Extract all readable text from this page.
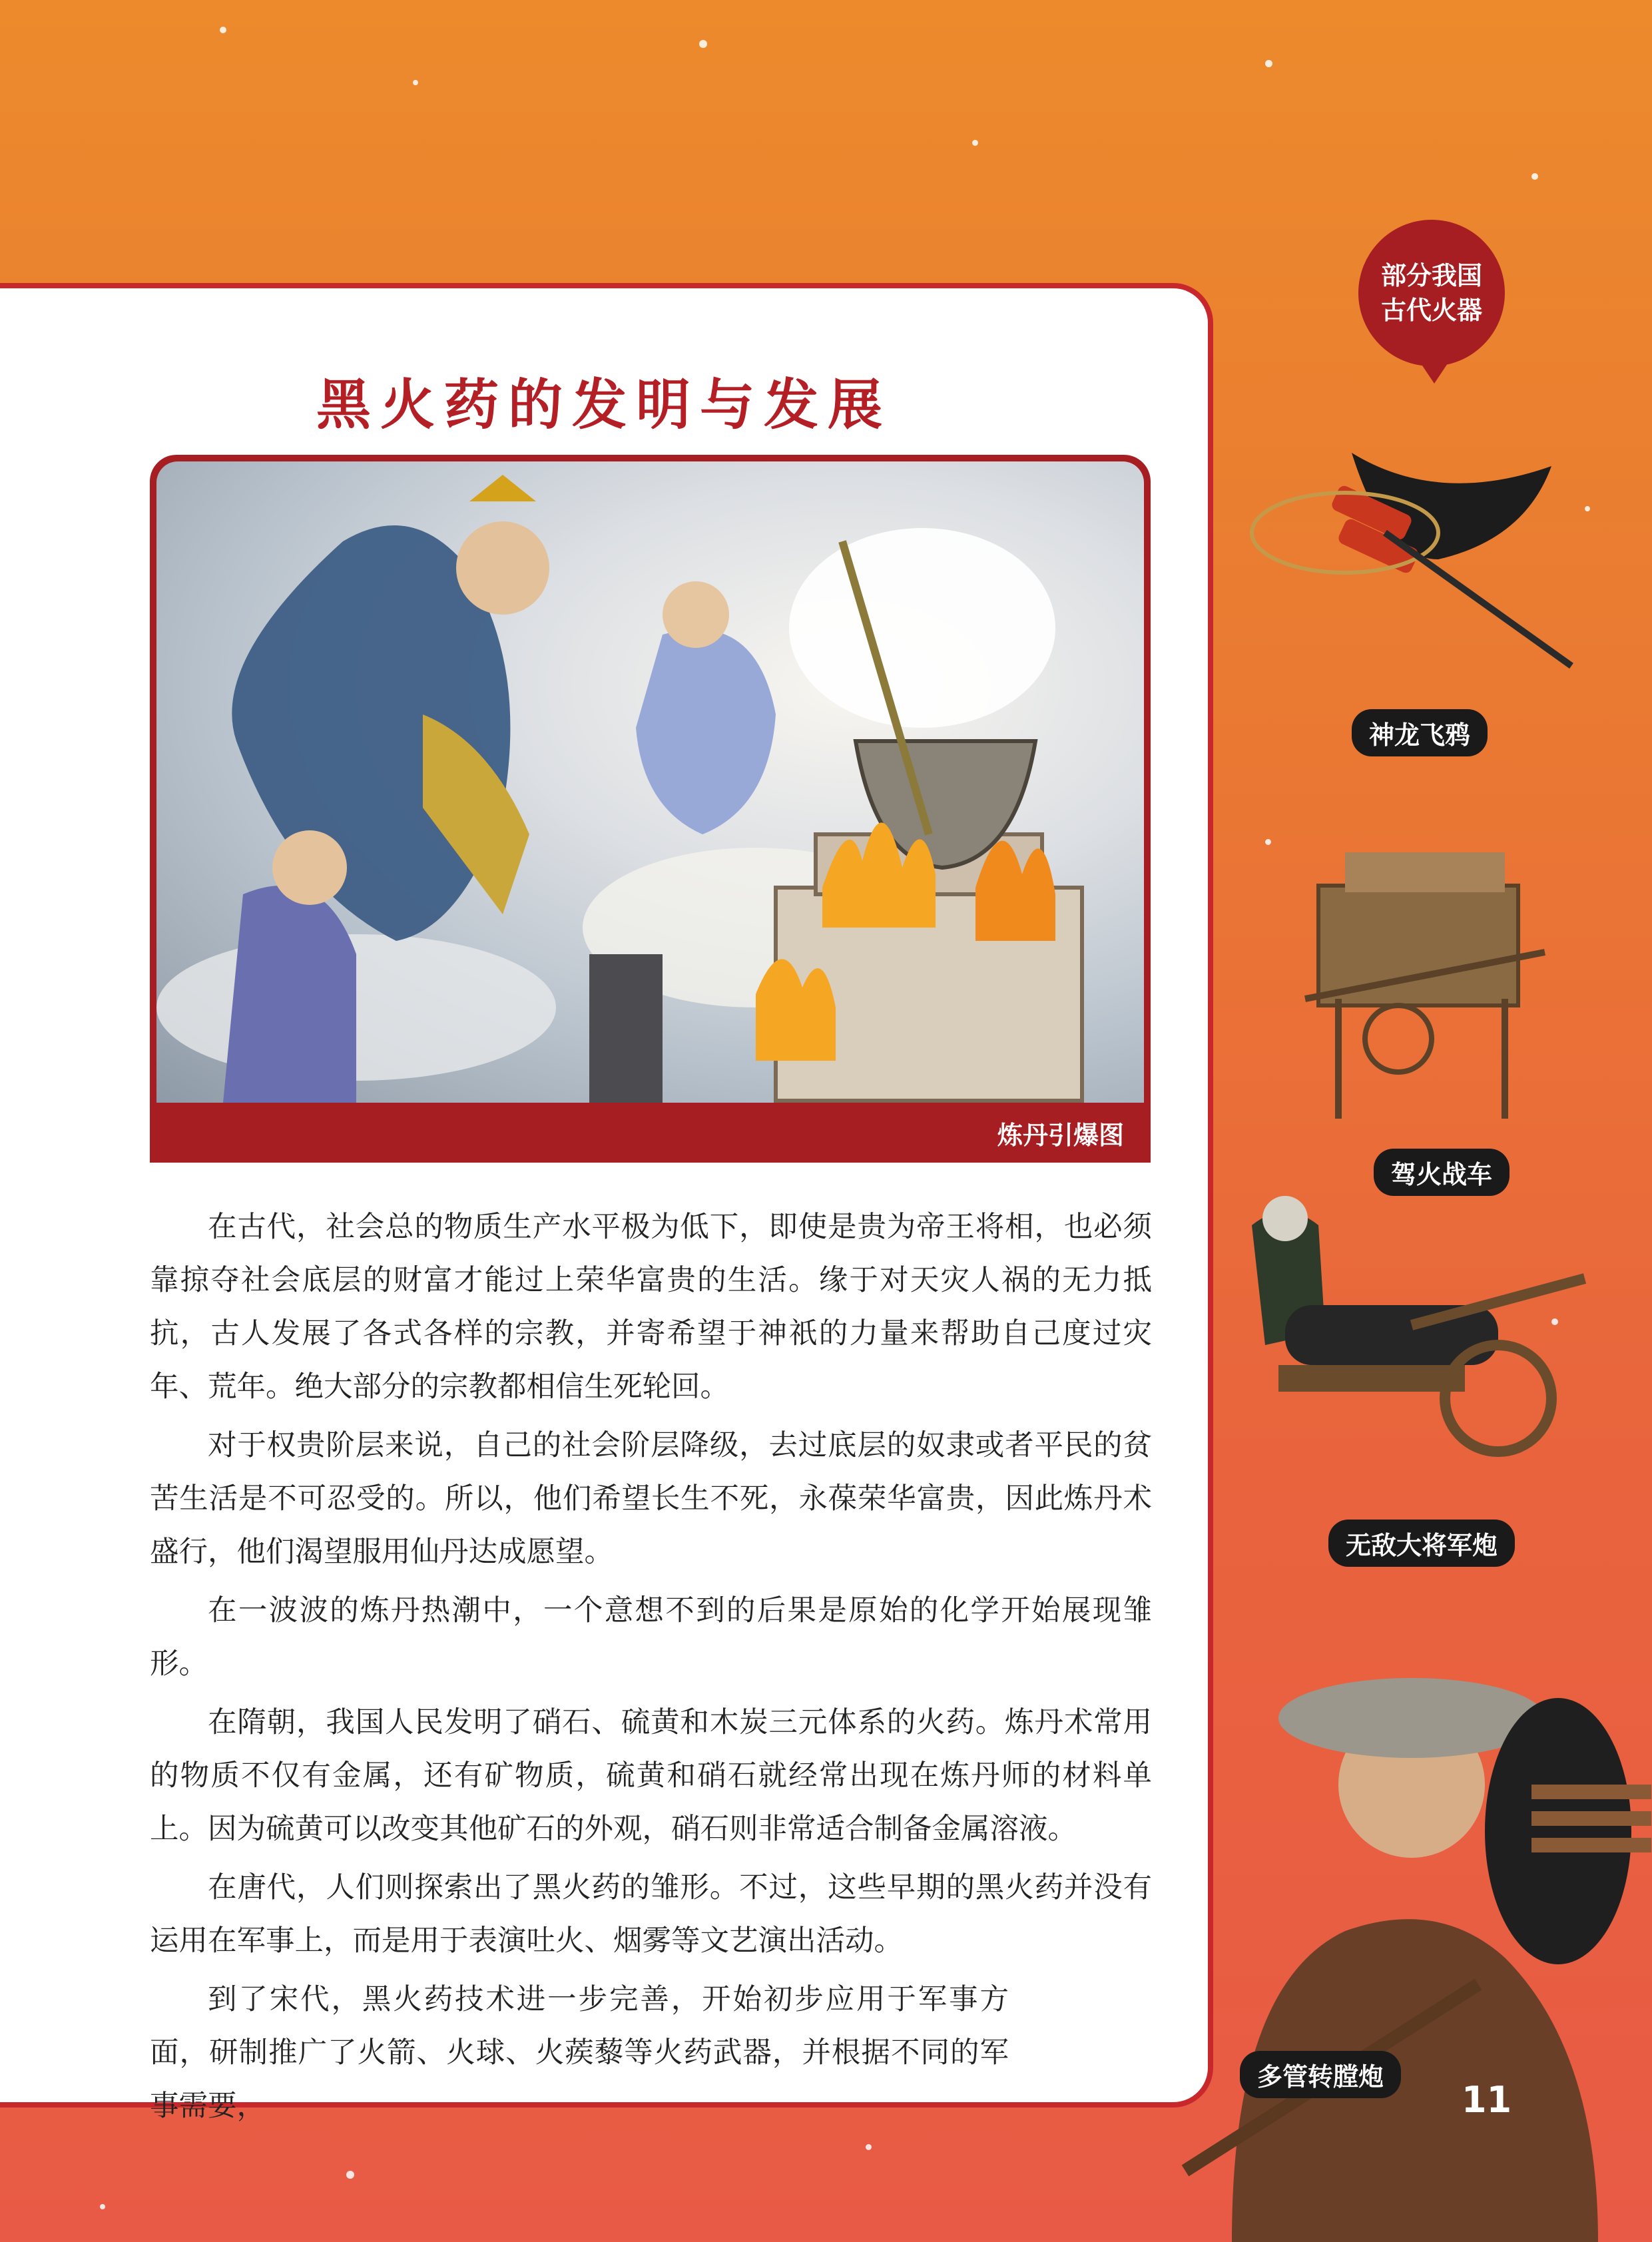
黑火药的发明与发展
炼丹引爆图

在古代，社会总的物质生产水平极为低下，即使是贵为帝王将相，也必须靠掠夺社会底层的财富才能过上荣华富贵的生活。缘于对天灾人祸的无力抵抗，古人发展了各式各样的宗教，并寄希望于神祇的力量来帮助自己度过灾年、荒年。绝大部分的宗教都相信生死轮回。

对于权贵阶层来说，自己的社会阶层降级，去过底层的奴隶或者平民的贫苦生活是不可忍受的。所以，他们希望长生不死，永葆荣华富贵，因此炼丹术盛行，他们渴望服用仙丹达成愿望。

在一波波的炼丹热潮中，一个意想不到的后果是原始的化学开始展现雏形。

在隋朝，我国人民发明了硝石、硫黄和木炭三元体系的火药。炼丹术常用的物质不仅有金属，还有矿物质，硫黄和硝石就经常出现在炼丹师的材料单上。因为硫黄可以改变其他矿石的外观，硝石则非常适合制备金属溶液。

在唐代，人们则探索出了黑火药的雏形。不过，这些早期的黑火药并没有运用在军事上，而是用于表演吐火、烟雾等文艺演出活动。

到了宋代，黑火药技术进一步完善，开始初步应用于军事方面，研制推广了火箭、火球、火蒺藜等火药武器，并根据不同的军事需要，

部分我国
古代火器
神龙飞鸦
驾火战车
无敌大将军炮
多管转膛炮
11
